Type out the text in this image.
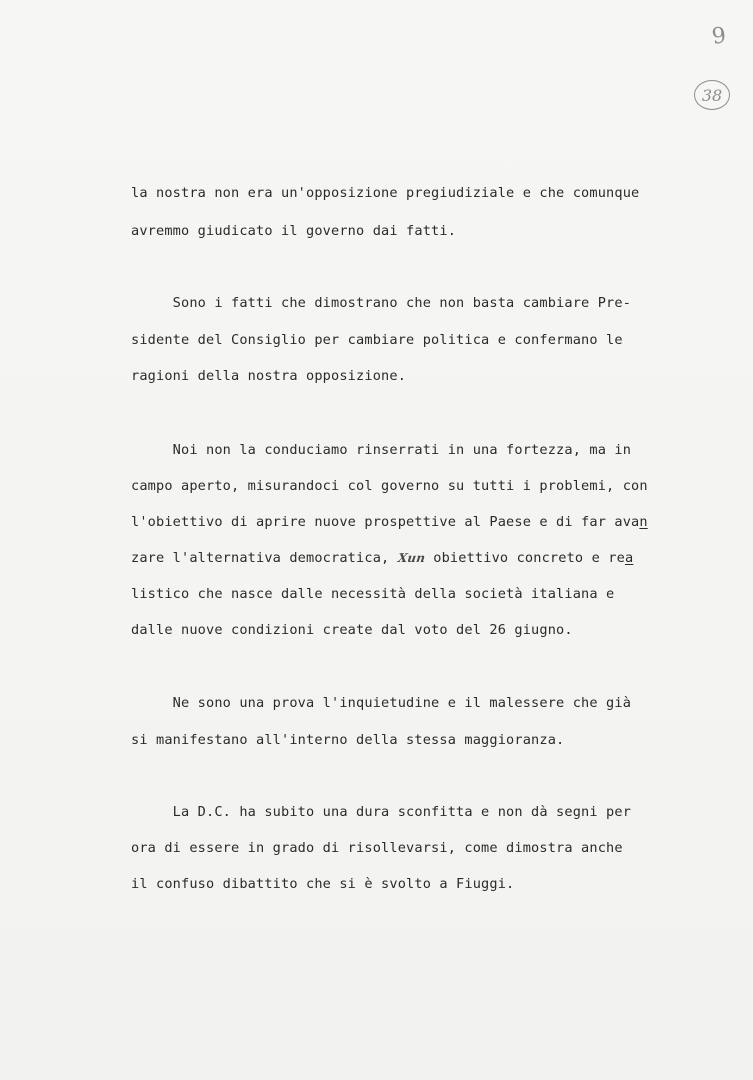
9
38
la nostra non era un'opposizione pregiudiziale e che comunque
avremmo giudicato il governo dai fatti.
Sono i fatti che dimostrano che non basta cambiare Pre-
sidente del Consiglio per cambiare politica e confermano le
ragioni della nostra opposizione.
Noi non la conduciamo rinserrati in una fortezza, ma in
campo aperto, misurandoci col governo su tutti i problemi, con
l'obiettivo di aprire nuove prospettive al Paese e di far avan
zare l'alternativa democratica, Xun obiettivo concreto e rea
listico che nasce dalle necessità della società italiana e
dalle nuove condizioni create dal voto del 26 giugno.
Ne sono una prova l'inquietudine e il malessere che già
si manifestano all'interno della stessa maggioranza.
La D.C. ha subito una dura sconfitta e non dà segni per
ora di essere in grado di risollevarsi, come dimostra anche
il confuso dibattito che si è svolto a Fiuggi.
